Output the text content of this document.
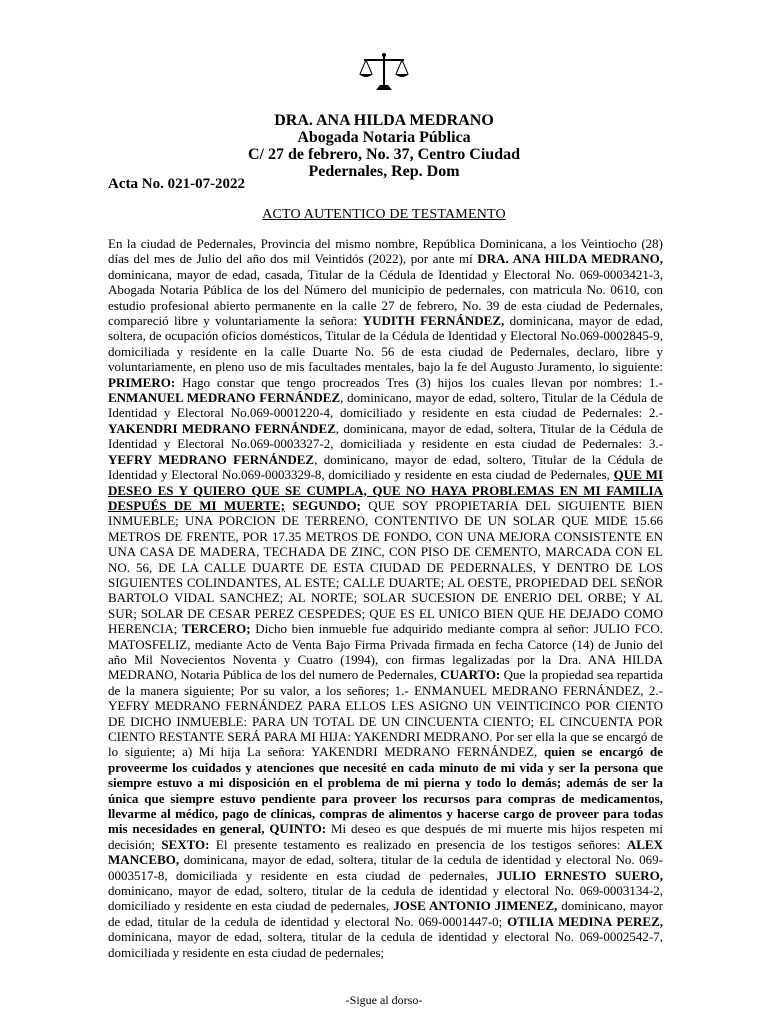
DRA. ANA HILDA MEDRANO
Abogada Notaria Pública
C/ 27 de febrero, No. 37, Centro Ciudad
Pedernales, Rep. Dom
Acta No. 021-07-2022
ACTO AUTENTICO DE TESTAMENTO
En la ciudad de Pedernales, Provincia del mismo nombre, República Dominicana, a los Veintiocho (28) días del mes de Julio del año dos mil Veintidós (2022), por ante mí DRA. ANA HILDA MEDRANO, dominicana, mayor de edad, casada, Titular de la Cédula de Identidad y Electoral No. 069-0003421-3, Abogada Notaria Pública de los del Número del municipio de pedernales, con matricula No. 0610, con estudio profesional abierto permanente en la calle 27 de febrero, No. 39 de esta ciudad de Pedernales, compareció libre y voluntariamente la señora: YUDITH FERNÁNDEZ, dominicana, mayor de edad, soltera, de ocupación oficios domésticos, Titular de la Cédula de Identidad y Electoral No.069-0002845-9, domiciliada y residente en la calle Duarte No. 56 de esta ciudad de Pedernales, declaro, libre y voluntariamente, en pleno uso de mis facultades mentales, bajo la fe del Augusto Juramento, lo siguiente: PRIMERO: Hago constar que tengo procreados Tres (3) hijos los cuales llevan por nombres: 1.-ENMANUEL MEDRANO FERNÁNDEZ, dominicano, mayor de edad, soltero, Titular de la Cédula de Identidad y Electoral No.069-0001220-4, domiciliado y residente en esta ciudad de Pedernales: 2.- YAKENDRI MEDRANO FERNÁNDEZ, dominicana, mayor de edad, soltera, Titular de la Cédula de Identidad y Electoral No.069-0003327-2, domiciliada y residente en esta ciudad de Pedernales: 3.- YEFRY MEDRANO FERNÁNDEZ, dominicano, mayor de edad, soltero, Titular de la Cédula de Identidad y Electoral No.069-0003329-8, domiciliado y residente en esta ciudad de Pedernales, QUE MI DESEO ES Y QUIERO QUE SE CUMPLA, QUE NO HAYA PROBLEMAS EN MI FAMILIA DESPUÉS DE MI MUERTE; SEGUNDO; QUE SOY PROPIETARIA DEL SIGUIENTE BIEN INMUEBLE; UNA PORCION DE TERRENO, CONTENTIVO DE UN SOLAR QUE MIDE 15.66 METROS DE FRENTE, POR 17.35 METROS DE FONDO, CON UNA MEJORA CONSISTENTE EN UNA CASA DE MADERA, TECHADA DE ZINC, CON PISO DE CEMENTO, MARCADA CON EL NO. 56, DE LA CALLE DUARTE DE ESTA CIUDAD DE PEDERNALES, Y DENTRO DE LOS SIGUIENTES COLINDANTES, AL ESTE; CALLE DUARTE; AL OESTE, PROPIEDAD DEL SEÑOR BARTOLO VIDAL SANCHEZ; AL NORTE; SOLAR SUCESION DE ENERIO DEL ORBE; Y AL SUR; SOLAR DE CESAR PEREZ CESPEDES; QUE ES EL UNICO BIEN QUE HE DEJADO COMO HERENCIA; TERCERO; Dicho bien inmueble fue adquirido mediante compra al señor: JULIO FCO. MATOSFELIZ, mediante Acto de Venta Bajo Firma Privada firmada en fecha Catorce (14) de Junio del año Mil Novecientos Noventa y Cuatro (1994), con firmas legalizadas por la Dra. ANA HILDA MEDRANO, Notaria Pública de los del numero de Pedernales, CUARTO: Que la propiedad sea repartida de la manera siguiente; Por su valor, a los señores; 1.- ENMANUEL MEDRANO FERNÁNDEZ, 2.- YEFRY MEDRANO FERNÁNDEZ PARA ELLOS LES ASIGNO UN VEINTICINCO POR CIENTO DE DICHO INMUEBLE: PARA UN TOTAL DE UN CINCUENTA CIENTO; EL CINCUENTA POR CIENTO RESTANTE SERÁ PARA MI HIJA: YAKENDRI MEDRANO. Por ser ella la que se encargó de lo siguiente; a) Mi hija La señora: YAKENDRI MEDRANO FERNÁNDEZ, quien se encargó de proveerme los cuidados y atenciones que necesité en cada minuto de mi vida y ser la persona que siempre estuvo a mi disposición en el problema de mi pierna y todo lo demás; además de ser la única que siempre estuvo pendiente para proveer los recursos para compras de medicamentos, llevarme al médico, pago de clínicas, compras de alimentos y hacerse cargo de proveer para todas mis necesidades en general, QUINTO: Mi deseo es que después de mi muerte mis hijos respeten mi decisión; SEXTO: El presente testamento es realizado en presencia de los testigos señores: ALEX MANCEBO, dominicana, mayor de edad, soltera, titular de la cedula de identidad y electoral No. 069-0003517-8, domiciliada y residente en esta ciudad de pedernales, JULIO ERNESTO SUERO, dominicano, mayor de edad, soltero, titular de la cedula de identidad y electoral No. 069-0003134-2, domiciliado y residente en esta ciudad de pedernales, JOSE ANTONIO JIMENEZ, dominicano, mayor de edad, titular de la cedula de identidad y electoral No. 069-0001447-0; OTILIA MEDINA PEREZ, dominicana, mayor de edad, soltera, titular de la cedula de identidad y electoral No. 069-0002542-7, domiciliada y residente en esta ciudad de pedernales;
-Sigue al dorso-
